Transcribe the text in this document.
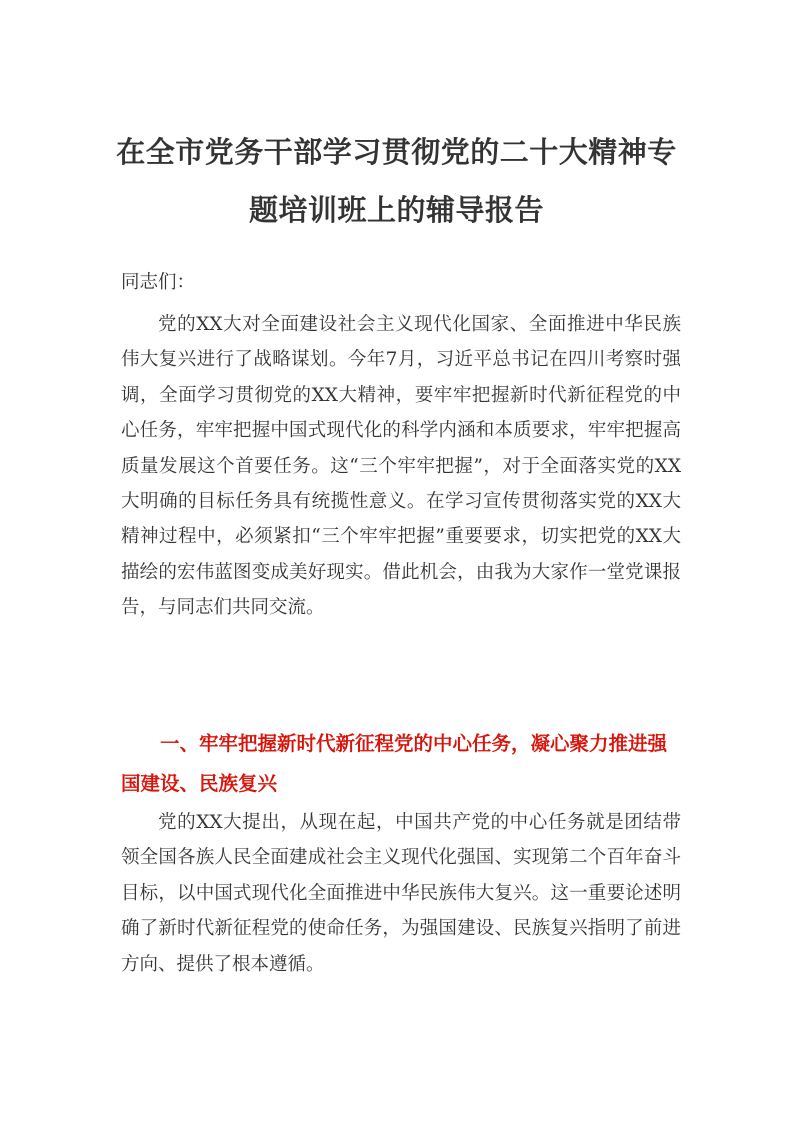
在全市党务干部学习贯彻党的二十大精神专
题培训班上的辅导报告
同志们：
党的XX大对全面建设社会主义现代化国家、全面推进中华民族伟大复兴进行了战略谋划。今年7月，习近平总书记在四川考察时强调，全面学习贯彻党的XX大精神，要牢牢把握新时代新征程党的中心任务，牢牢把握中国式现代化的科学内涵和本质要求，牢牢把握高质量发展这个首要任务。这“三个牢牢把握”，对于全面落实党的XX大明确的目标任务具有统揽性意义。在学习宣传贯彻落实党的XX大精神过程中，必须紧扣“三个牢牢把握”重要要求，切实把党的XX大描绘的宏伟蓝图变成美好现实。借此机会，由我为大家作一堂党课报告，与同志们共同交流。
一、牢牢把握新时代新征程党的中心任务，凝心聚力推进强国建设、民族复兴
党的XX大提出，从现在起，中国共产党的中心任务就是团结带领全国各族人民全面建成社会主义现代化强国、实现第二个百年奋斗目标，以中国式现代化全面推进中华民族伟大复兴。这一重要论述明确了新时代新征程党的使命任务，为强国建设、民族复兴指明了前进方向、提供了根本遵循。
